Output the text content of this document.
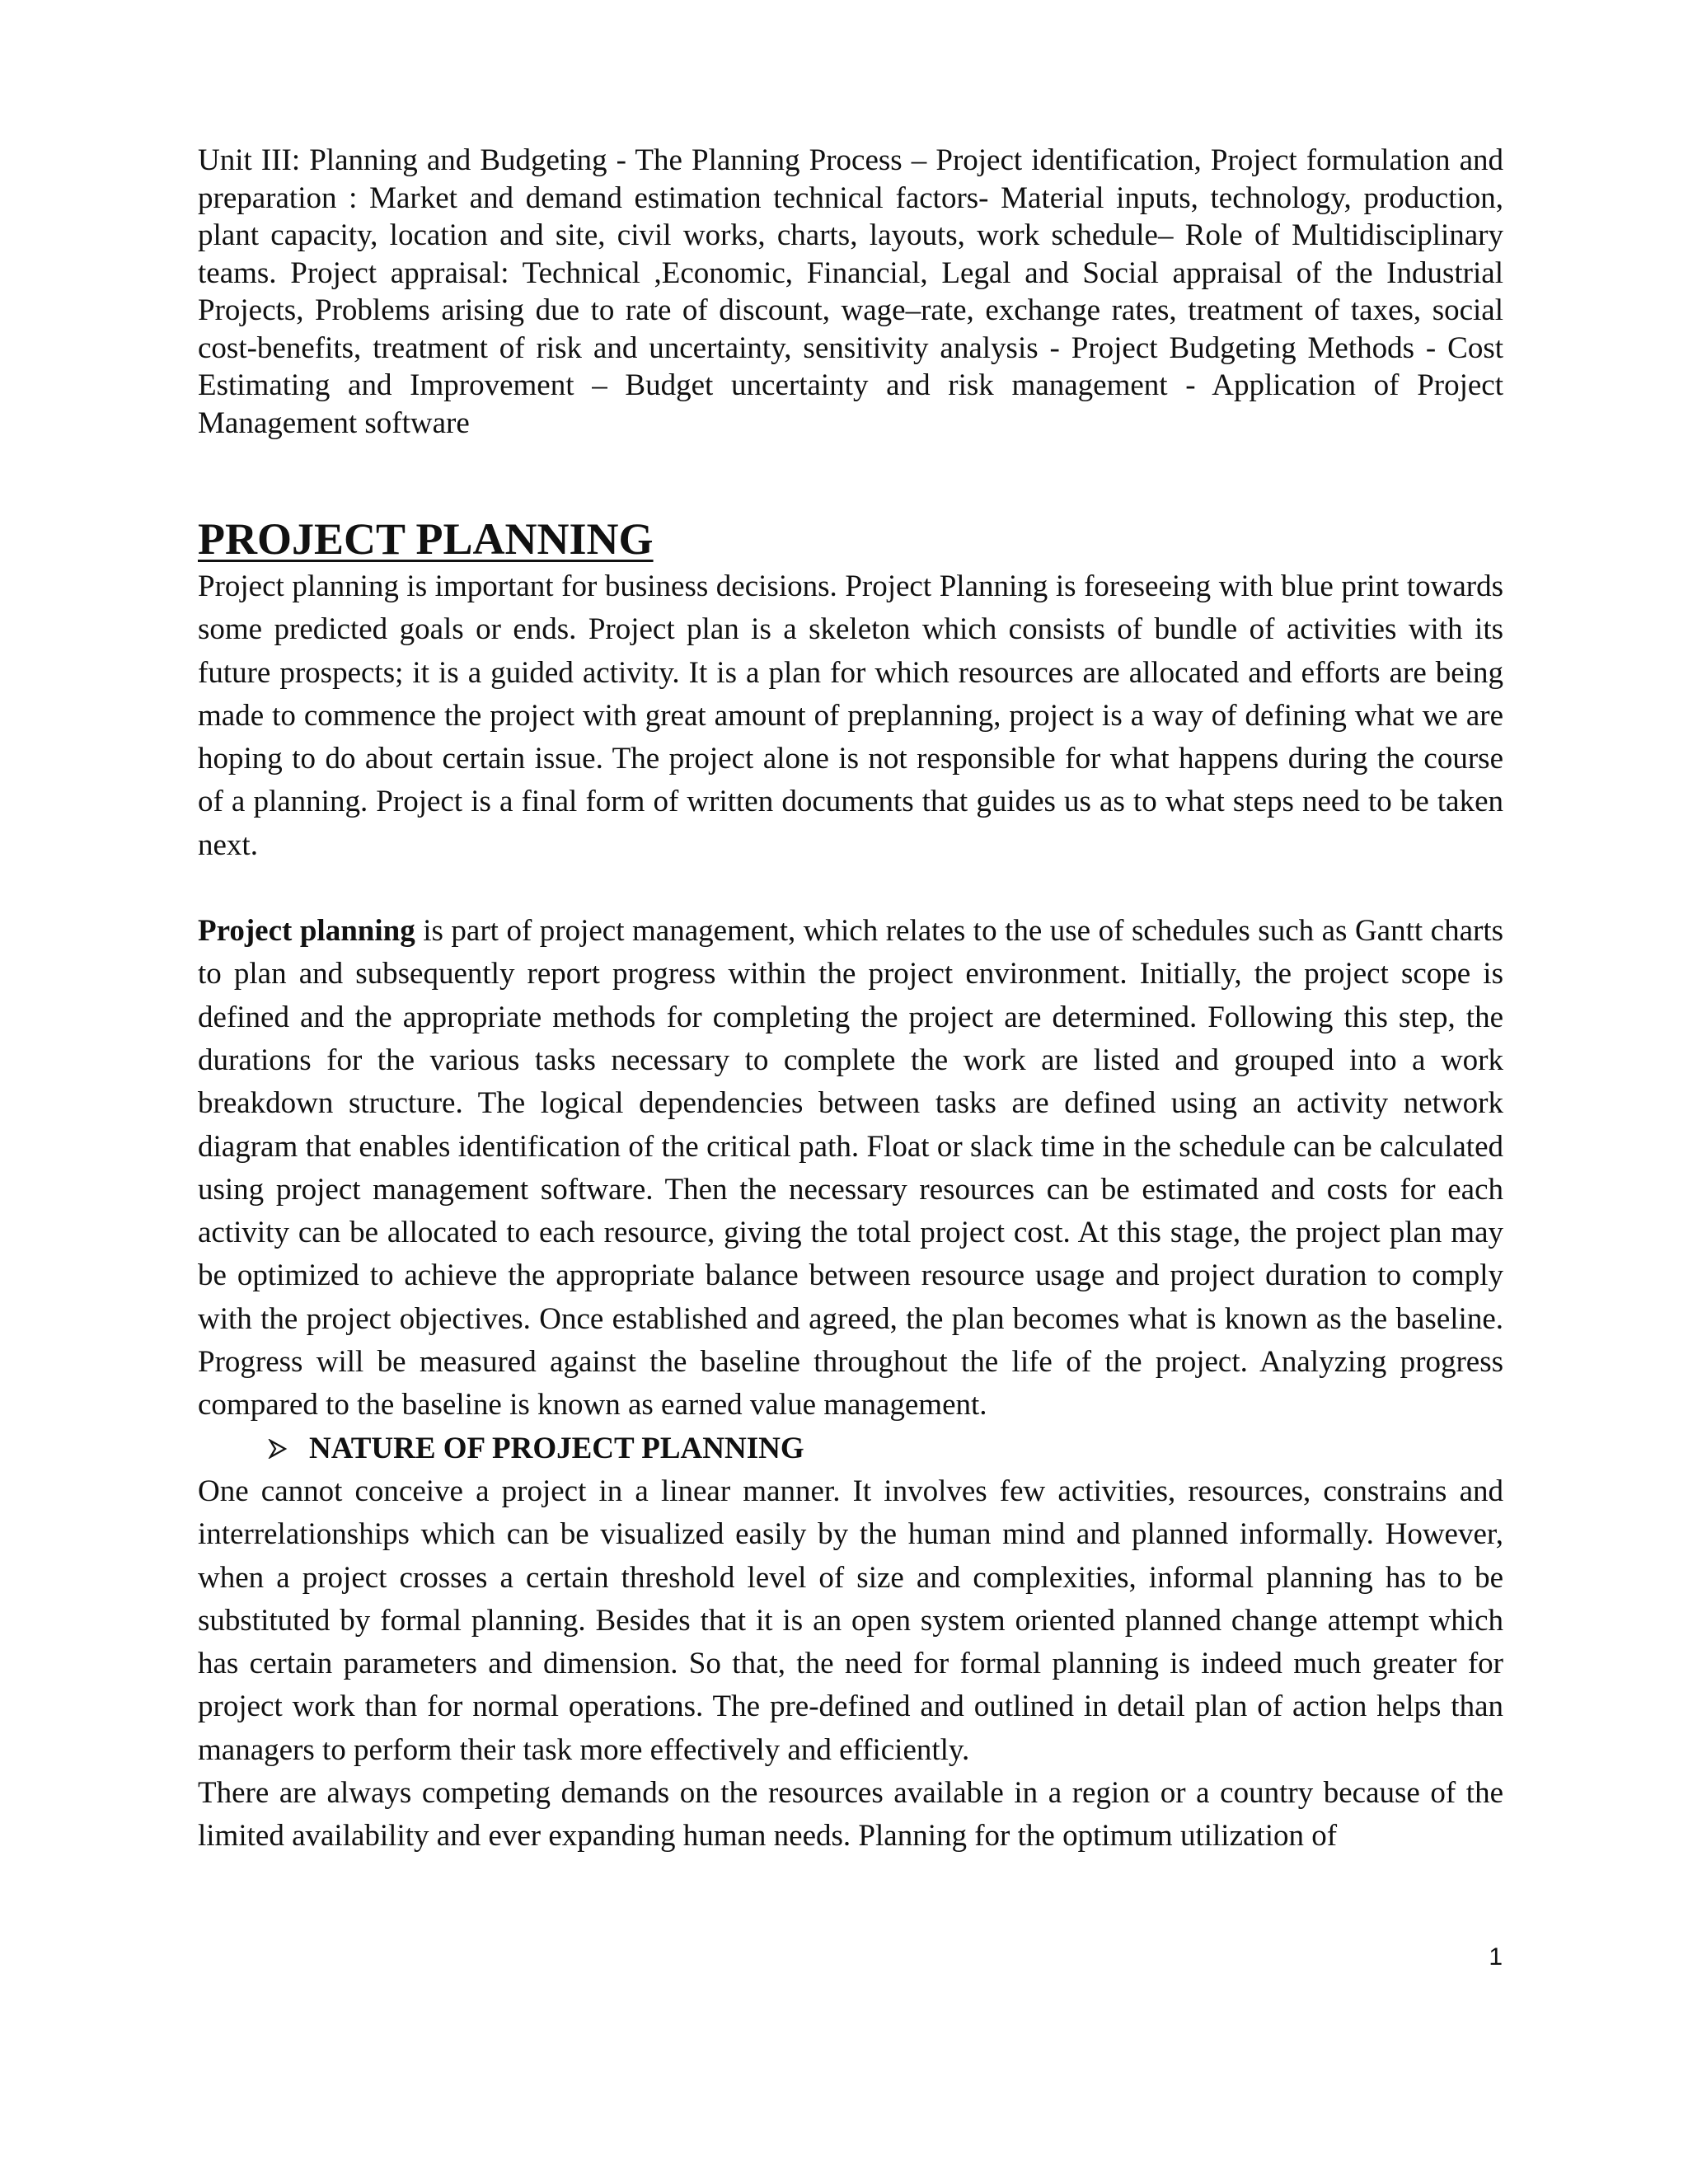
Unit III: Planning and Budgeting - The Planning Process – Project identification, Project formulation and preparation : Market and demand estimation technical factors- Material inputs, technology, production, plant capacity, location and site, civil works, charts, layouts, work schedule– Role of Multidisciplinary teams. Project appraisal: Technical ,Economic, Financial, Legal and Social appraisal of the Industrial Projects, Problems arising due to rate of discount, wage–rate, exchange rates, treatment of taxes, social cost-benefits, treatment of risk and uncertainty, sensitivity analysis - Project Budgeting Methods - Cost Estimating and Improvement – Budget uncertainty and risk management - Application of Project Management software

PROJECT PLANNING

Project planning is important for business decisions. Project Planning is foreseeing with blue print towards some predicted goals or ends. Project plan is a skeleton which consists of bundle of activities with its future prospects; it is a guided activity. It is a plan for which resources are allocated and efforts are being made to commence the project with great amount of preplanning, project is a way of defining what we are hoping to do about certain issue. The project alone is not responsible for what happens during the course of a planning. Project is a final form of written documents that guides us as to what steps need to be taken next.

Project planning is part of project management, which relates to the use of schedules such as Gantt charts to plan and subsequently report progress within the project environment. Initially, the project scope is defined and the appropriate methods for completing the project are determined. Following this step, the durations for the various tasks necessary to complete the work are listed and grouped into a work breakdown structure. The logical dependencies between tasks are defined using an activity network diagram that enables identification of the critical path. Float or slack time in the schedule can be calculated using project management software. Then the necessary resources can be estimated and costs for each activity can be allocated to each resource, giving the total project cost. At this stage, the project plan may be optimized to achieve the appropriate balance between resource usage and project duration to comply with the project objectives. Once established and agreed, the plan becomes what is known as the baseline. Progress will be measured against the baseline throughout the life of the project. Analyzing progress compared to the baseline is known as earned value management.

NATURE OF PROJECT PLANNING

One cannot conceive a project in a linear manner. It involves few activities, resources, constrains and interrelationships which can be visualized easily by the human mind and planned informally. However, when a project crosses a certain threshold level of size and complexities, informal planning has to be substituted by formal planning. Besides that it is an open system oriented planned change attempt which has certain parameters and dimension. So that, the need for formal planning is indeed much greater for project work than for normal operations. The pre-defined and outlined in detail plan of action helps than managers to perform their task more effectively and efficiently.

There are always competing demands on the resources available in a region or a country because of the limited availability and ever expanding human needs. Planning for the optimum utilization of

1
